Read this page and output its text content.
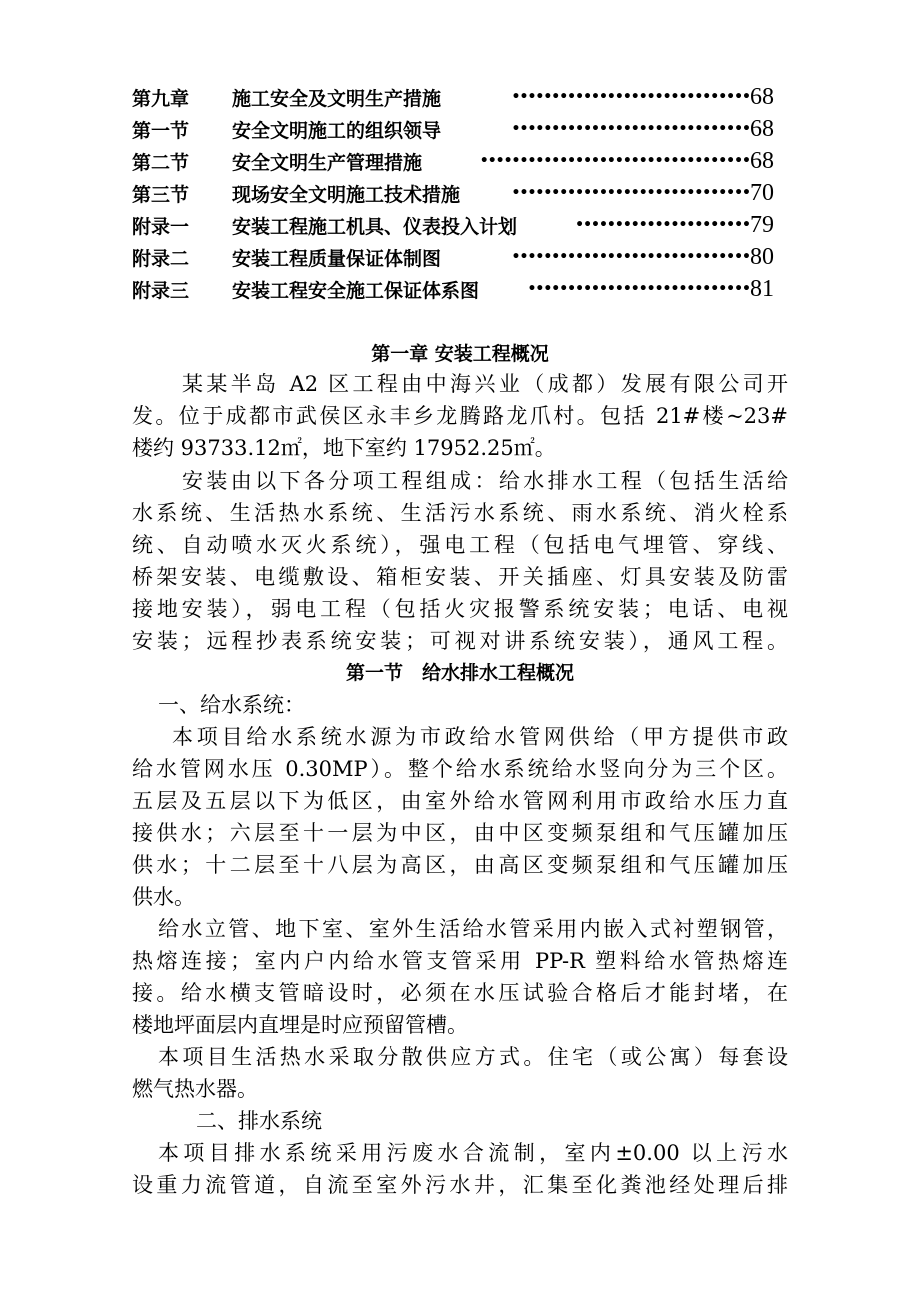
第九章	施工安全及文明生产措施	•••••••••••••••••••••••••••••• 68
第一节	安全文明施工的组织领导	•••••••••••••••••••••••••••••• 68
第二节	安全文明生产管理措施	•••••••••••••••••••••••••••••••••• 68
第三节	现场安全文明施工技术措施	•••••••••••••••••••••••••••••• 70
附录一	安装工程施工机具、仪表投入计划	•••••••••••••••••••••• 79
附录二	安装工程质量保证体制图	•••••••••••••••••••••••••••••• 80
附录三	安装工程安全施工保证体系图	•••••••••••••••••••••••••••• 81
第一章 安装工程概况
某某半岛 A2 区工程由中海兴业（成都）发展有限公司开
发。位于成都市武侯区永丰乡龙腾路龙爪村。包括 21#楼~23#
楼约 93733.12㎡，地下室约 17952.25㎡。
安装由以下各分项工程组成：给水排水工程（包括生活给
水系统、生活热水系统、生活污水系统、雨水系统、消火栓系
统、自动喷水灭火系统），强电工程（包括电气埋管、穿线、
桥架安装、电缆敷设、箱柜安装、开关插座、灯具安装及防雷
接地安装），弱电工程（包括火灾报警系统安装；电话、电视
安装；远程抄表系统安装；可视对讲系统安装），通风工程。
第一节　给水排水工程概况
一、给水系统：
本项目给水系统水源为市政给水管网供给（甲方提供市政
给水管网水压 0.30MP）。整个给水系统给水竖向分为三个区。
五层及五层以下为低区，由室外给水管网利用市政给水压力直
接供水；六层至十一层为中区，由中区变频泵组和气压罐加压
供水；十二层至十八层为高区，由高区变频泵组和气压罐加压
供水。
给水立管、地下室、室外生活给水管采用内嵌入式衬塑钢管，
热熔连接；室内户内给水管支管采用 PP-R 塑料给水管热熔连
接。给水横支管暗设时，必须在水压试验合格后才能封堵，在
楼地坪面层内直埋是时应预留管槽。
本项目生活热水采取分散供应方式。住宅（或公寓）每套设
燃气热水器。
二、排水系统
本项目排水系统采用污废水合流制，室内±0.00 以上污水
设重力流管道，自流至室外污水井，汇集至化粪池经处理后排
